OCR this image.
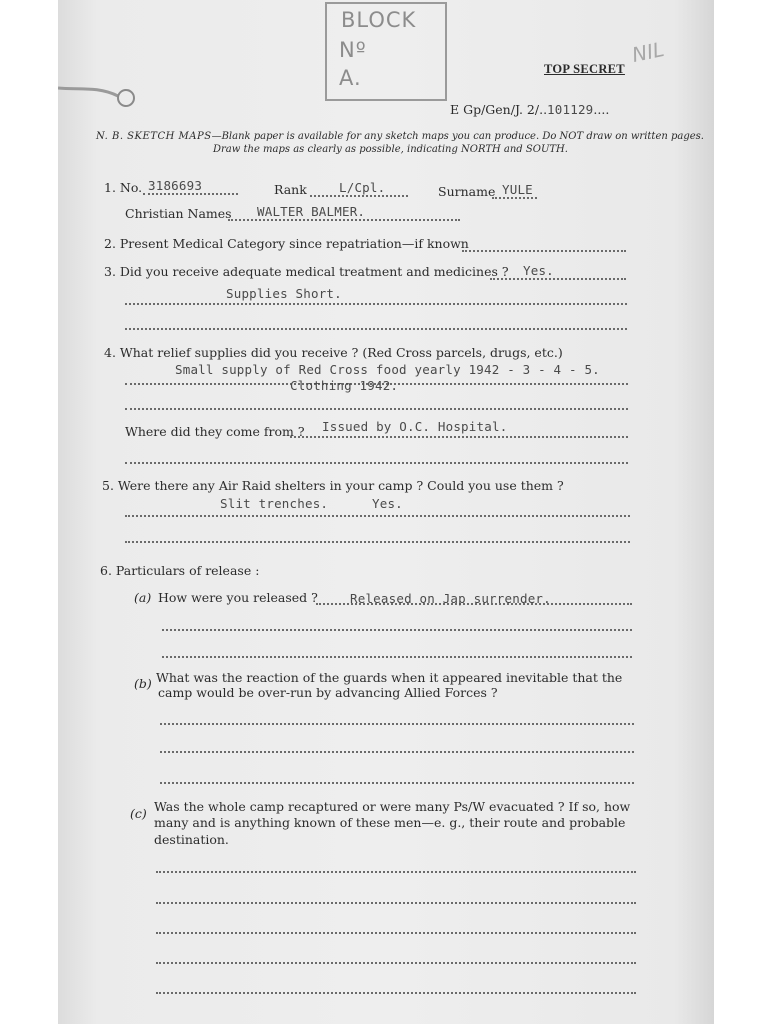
BLOCK
Nº
A.
NIL
TOP SECRET
E Gp/Gen/J. 2/..101129....
N. B. SKETCH MAPS—Blank paper is available for any sketch maps you can produce. Do NOT draw on written pages.
Draw the maps as clearly as possible, indicating NORTH and SOUTH.
1. No. 3186693	Rank	L/Cpl.	Surname YULE
Christian Names WALTER BALMER.
2. Present Medical Category since repatriation—if known
3. Did you receive adequate medical treatment and medicines ? Yes.
Supplies Short.
4. What relief supplies did you receive ? (Red Cross parcels, drugs, etc.)
Small supply of Red Cross food yearly 1942 - 3 - 4 - 5.
Clothing 1942.
Where did they come from ? Issued by O.C. Hospital.
5. Were there any Air Raid shelters in your camp ? Could you use them ?
Slit trenches.	Yes.
6. Particulars of release :
(a) How were you released ?	Released on Jap surrender.
(b) What was the reaction of the guards when it appeared inevitable that the
camp would be over-run by advancing Allied Forces ?
(c) Was the whole camp recaptured or were many Ps/W evacuated ? If so, how
many and is anything known of these men—e. g., their route and probable
destination.
